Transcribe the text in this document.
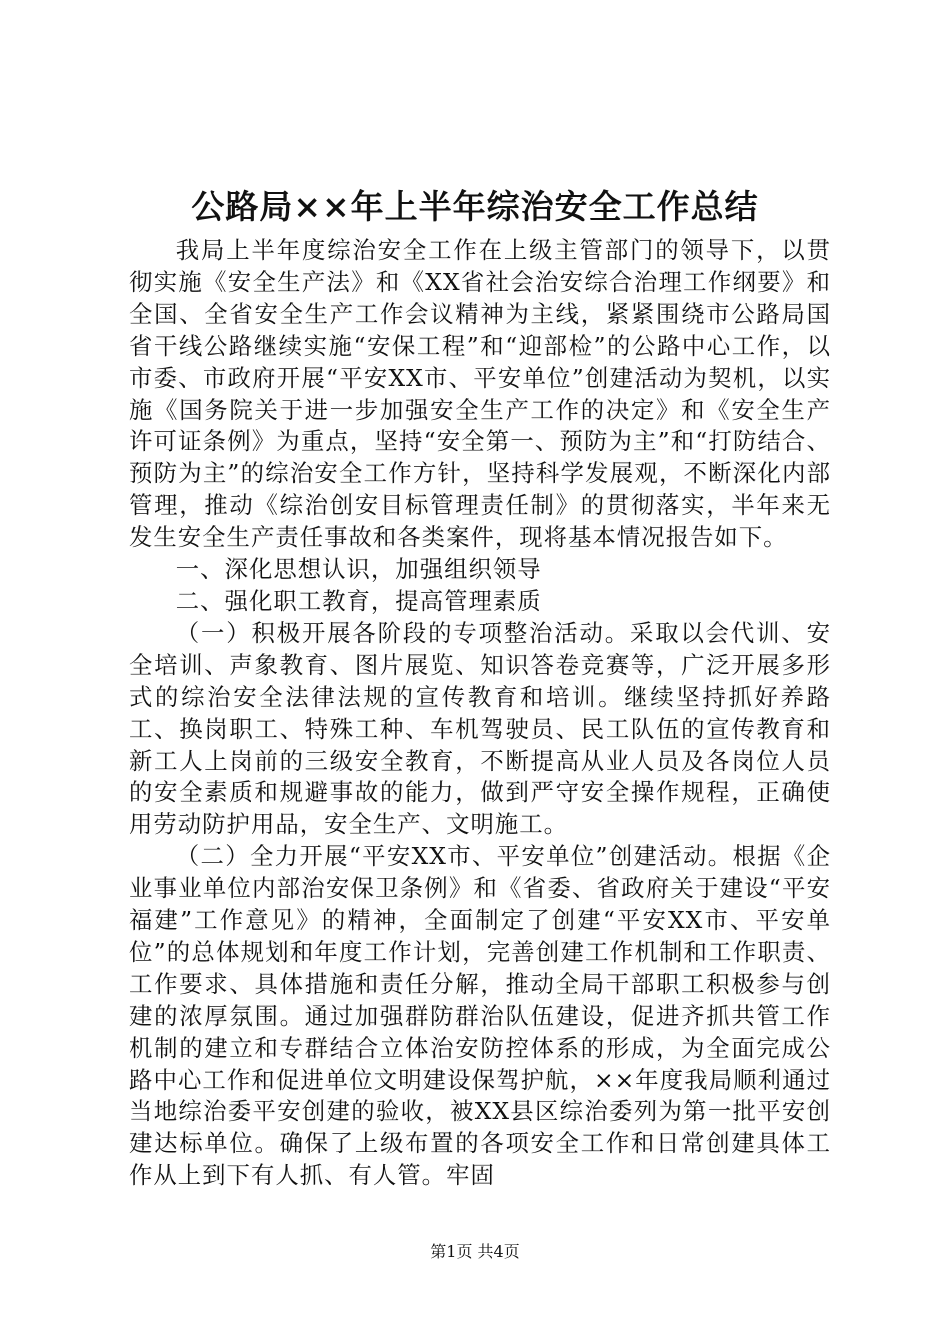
公路局××年上半年综治安全工作总结

我局上半年度综治安全工作在上级主管部门的领导下，以贯彻实施《安全生产法》和《XX省社会治安综合治理工作纲要》和全国、全省安全生产工作会议精神为主线，紧紧围绕市公路局国省干线公路继续实施“安保工程”和“迎部检”的公路中心工作，以市委、市政府开展“平安XX市、平安单位”创建活动为契机，以实施《国务院关于进一步加强安全生产工作的决定》和《安全生产许可证条例》为重点，坚持“安全第一、预防为主”和“打防结合、预防为主”的综治安全工作方针，坚持科学发展观，不断深化内部管理，推动《综治创安目标管理责任制》的贯彻落实，半年来无发生安全生产责任事故和各类案件，现将基本情况报告如下。

一、深化思想认识，加强组织领导

二、强化职工教育，提高管理素质

（一）积极开展各阶段的专项整治活动。采取以会代训、安全培训、声象教育、图片展览、知识答卷竞赛等，广泛开展多形式的综治安全法律法规的宣传教育和培训。继续坚持抓好养路工、换岗职工、特殊工种、车机驾驶员、民工队伍的宣传教育和新工人上岗前的三级安全教育，不断提高从业人员及各岗位人员的安全素质和规避事故的能力，做到严守安全操作规程，正确使用劳动防护用品，安全生产、文明施工。

（二）全力开展“平安XX市、平安单位”创建活动。根据《企业事业单位内部治安保卫条例》和《省委、省政府关于建设“平安福建”工作意见》的精神，全面制定了创建“平安XX市、平安单位”的总体规划和年度工作计划，完善创建工作机制和工作职责、工作要求、具体措施和责任分解，推动全局干部职工积极参与创建的浓厚氛围。通过加强群防群治队伍建设，促进齐抓共管工作机制的建立和专群结合立体治安防控体系的形成，为全面完成公路中心工作和促进单位文明建设保驾护航，××年度我局顺利通过当地综治委平安创建的验收，被XX县区综治委列为第一批平安创建达标单位。确保了上级布置的各项安全工作和日常创建具体工作从上到下有人抓、有人管。牢固

第1页 共4页
